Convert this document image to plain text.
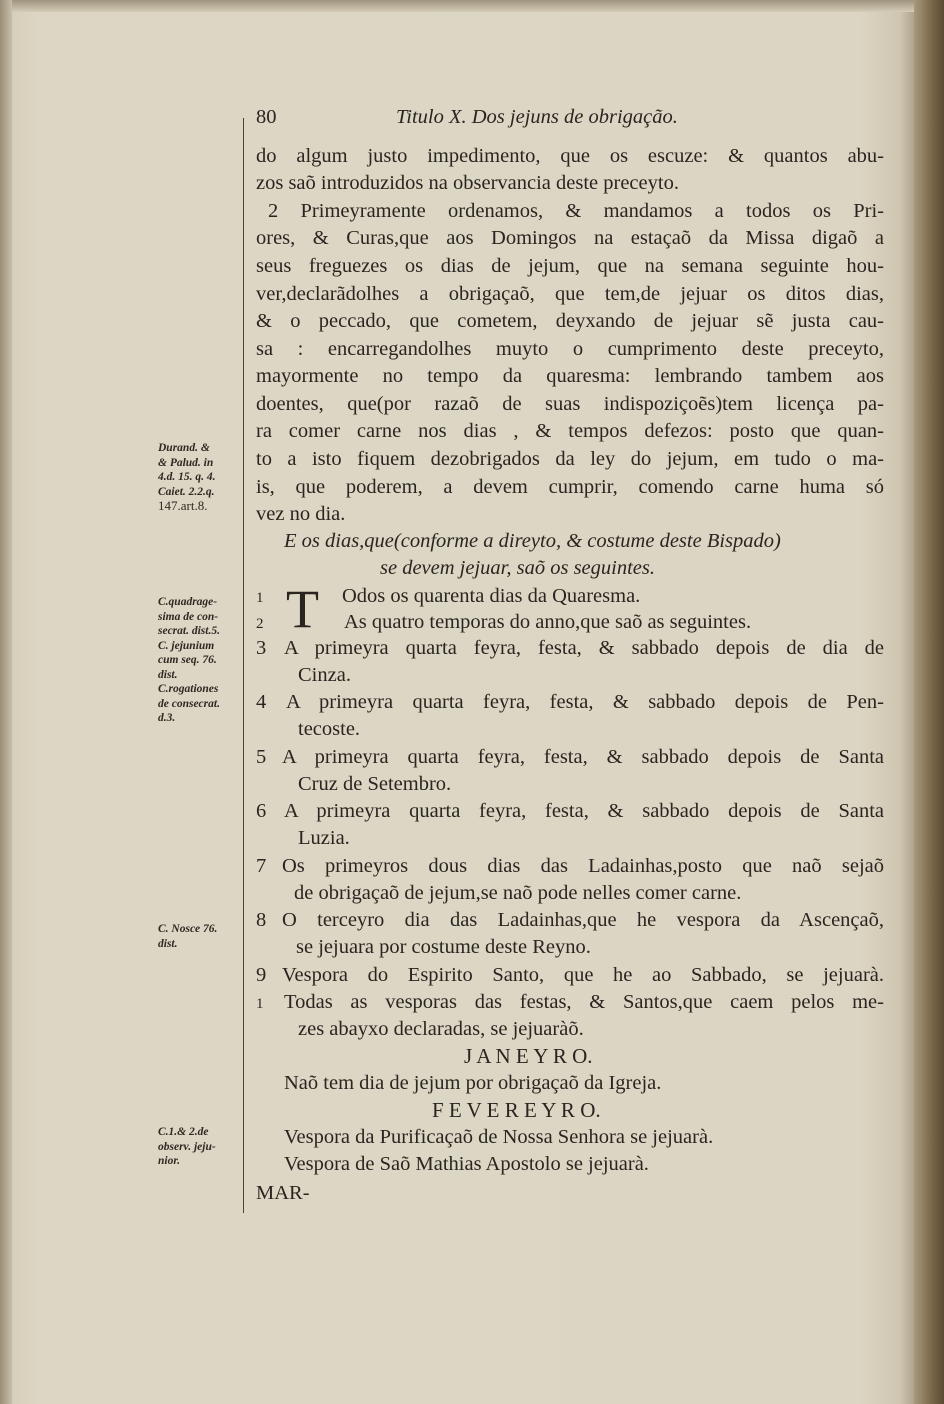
Durand. &
& Palud. in
4.d. 15. q. 4.
Caiet. 2.2.q.
147.art.8.
C.quadrage-
sima de con-
secrat. dist.5.
C. jejunium
cum seq. 76.
dist.
C.rogationes
de consecrat.
d.3.
C. Nosce 76.
dist.
C.1.& 2.de
observ. jeju-
nior.
80	Titulo X. Dos jejuns de obrigação.
do algum justo impedimento, que os escuze: & quantos abu-
zos saõ introduzidos na observancia deste preceyto.
2 Primeyramente ordenamos, & mandamos a todos os Pri-
ores, & Curas,que aos Domingos na estaçaõ da Missa digaõ a
seus freguezes os dias de jejum, que na semana seguinte hou-
ver,declarãdolhes a obrigaçaõ, que tem,de jejuar os ditos dias,
& o peccado, que cometem, deyxando de jejuar sẽ justa cau-
sa : encarregandolhes muyto o cumprimento deste preceyto,
mayormente no tempo da quaresma: lembrando tambem aos
doentes, que(por razaõ de suas indispoziçoẽs)tem licença pa-
ra comer carne nos dias , & tempos defezos: posto que quan-
to a isto fiquem dezobrigados da ley do jejum, em tudo o ma-
is, que poderem, a devem cumprir, comendo carne huma só
vez no dia.
E os dias,que(conforme a direyto, & costume deste Bispado)
se devem jejuar, saõ os seguintes.
T
1	Odos os quarenta dias da Quaresma.
2	As quatro temporas do anno,que saõ as seguintes.
3 A primeyra quarta feyra, festa, & sabbado depois de dia de
Cinza.
4 A primeyra quarta feyra, festa, & sabbado depois de Pen-
tecoste.
5 A primeyra quarta feyra, festa, & sabbado depois de Santa
Cruz de Setembro.
6 A primeyra quarta feyra, festa, & sabbado depois de Santa
Luzia.
7 Os primeyros dous dias das Ladainhas,posto que naõ sejaõ
de obrigaçaõ de jejum,se naõ pode nelles comer carne.
8 O terceyro dia das Ladainhas,que he vespora da Ascençaõ,
se jejuara por costume deste Reyno.
9 Vespora do Espirito Santo, que he ao Sabbado, se jejuarà.
1 Todas as vesporas das festas, & Santos,que caem pelos me-
zes abayxo declaradas, se jejuaràõ.
J A N E Y R O.
Naõ tem dia de jejum por obrigaçaõ da Igreja.
F E V E R E Y R O.
Vespora da Purificaçaõ de Nossa Senhora se jejuarà.
Vespora de Saõ Mathias Apostolo se jejuarà.
MAR-
